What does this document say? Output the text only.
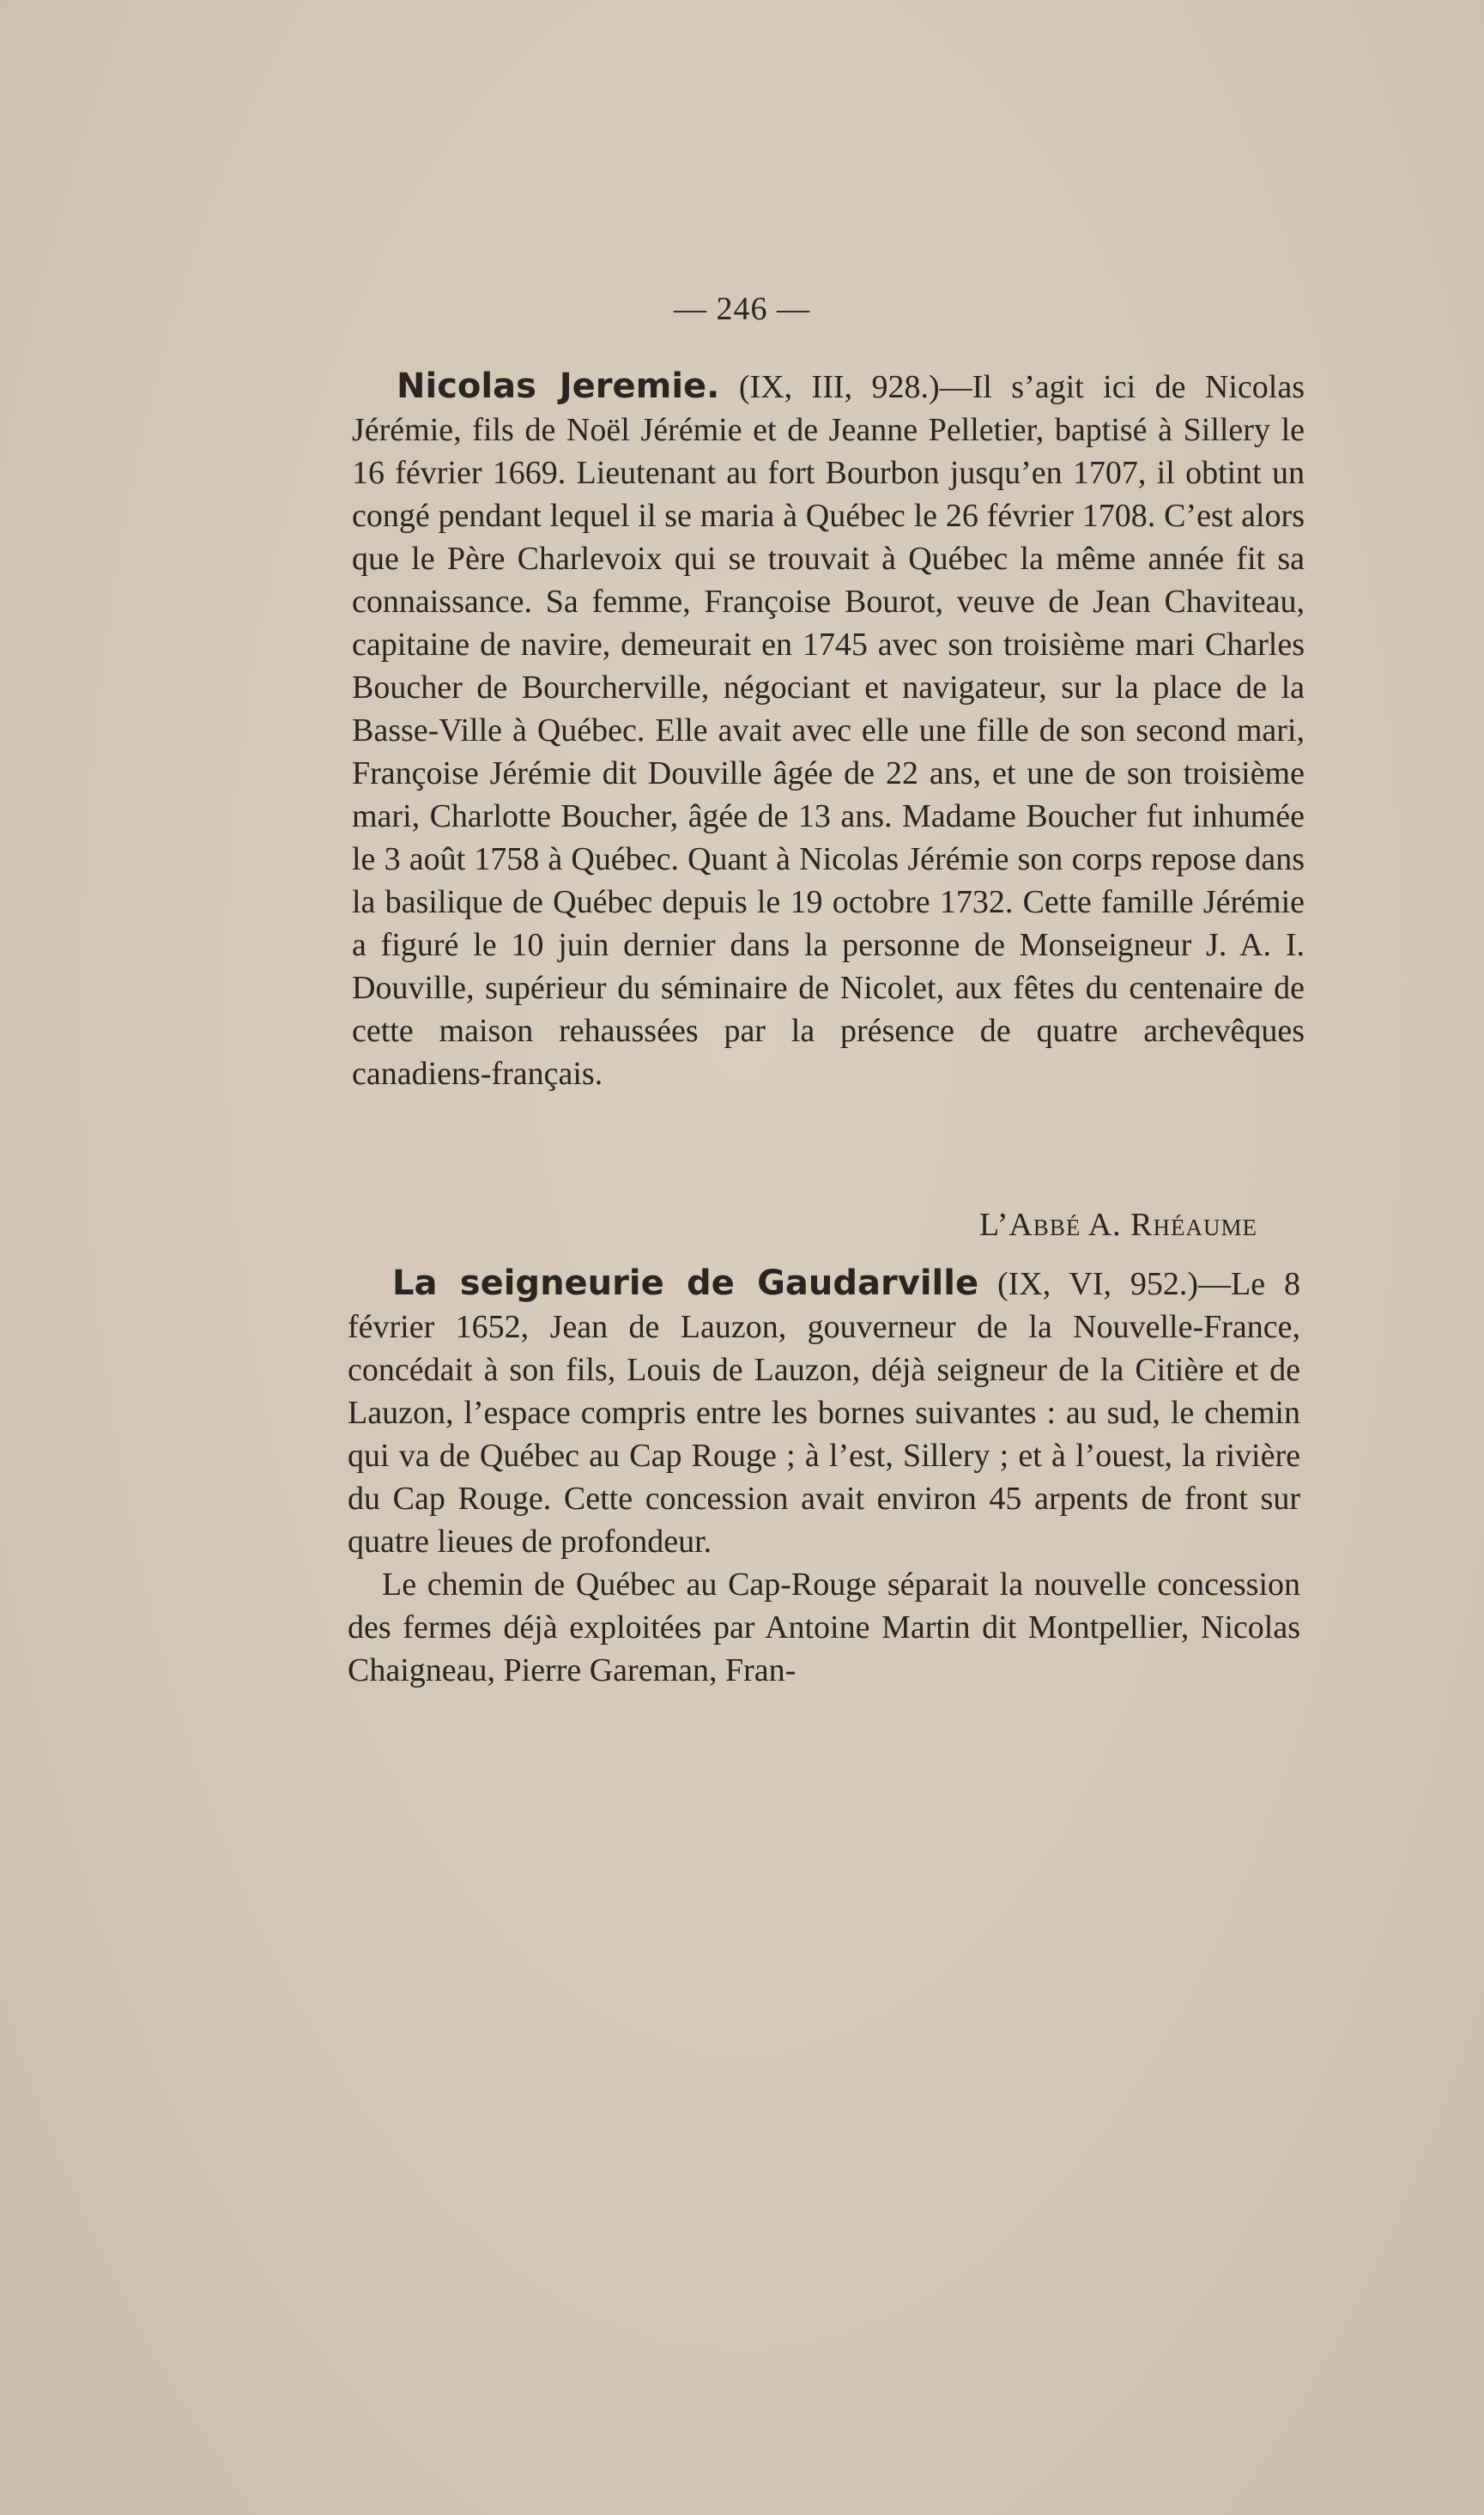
— 246 —

Nicolas Jeremie. (IX, III, 928.)—Il s’agit ici de Nicolas Jérémie, fils de Noël Jérémie et de Jeanne Pelletier, baptisé à Sillery le 16 février 1669. Lieutenant au fort Bourbon jusqu’en 1707, il obtint un congé pendant lequel il se maria à Québec le 26 février 1708. C’est alors que le Père Charlevoix qui se trouvait à Québec la même année fit sa connaissance. Sa femme, Françoise Bourot, veuve de Jean Chaviteau, capitaine de navire, demeurait en 1745 avec son troisième mari Charles Boucher de Bourcherville, négociant et navigateur, sur la place de la Basse-Ville à Québec. Elle avait avec elle une fille de son second mari, Françoise Jérémie dit Douville âgée de 22 ans, et une de son troisième mari, Charlotte Boucher, âgée de 13 ans. Madame Boucher fut inhumée le 3 août 1758 à Québec. Quant à Nicolas Jérémie son corps repose dans la basilique de Québec depuis le 19 octobre 1732. Cette famille Jérémie a figuré le 10 juin dernier dans la personne de Monseigneur J. A. I. Douville, supérieur du séminaire de Nicolet, aux fêtes du centenaire de cette maison rehaussées par la présence de quatre archevêques canadiens-français.

L’Abbé A. Rhéaume

La seigneurie de Gaudarville (IX, VI, 952.)—Le 8 février 1652, Jean de Lauzon, gouverneur de la Nouvelle-France, concédait à son fils, Louis de Lauzon, déjà seigneur de la Citière et de Lauzon, l’espace compris entre les bornes suivantes : au sud, le chemin qui va de Québec au Cap Rouge ; à l’est, Sillery ; et à l’ouest, la rivière du Cap Rouge. Cette concession avait environ 45 arpents de front sur quatre lieues de profondeur.

Le chemin de Québec au Cap-Rouge séparait la nouvelle concession des fermes déjà exploitées par Antoine Martin dit Montpellier, Nicolas Chaigneau, Pierre Gareman, Fran-
